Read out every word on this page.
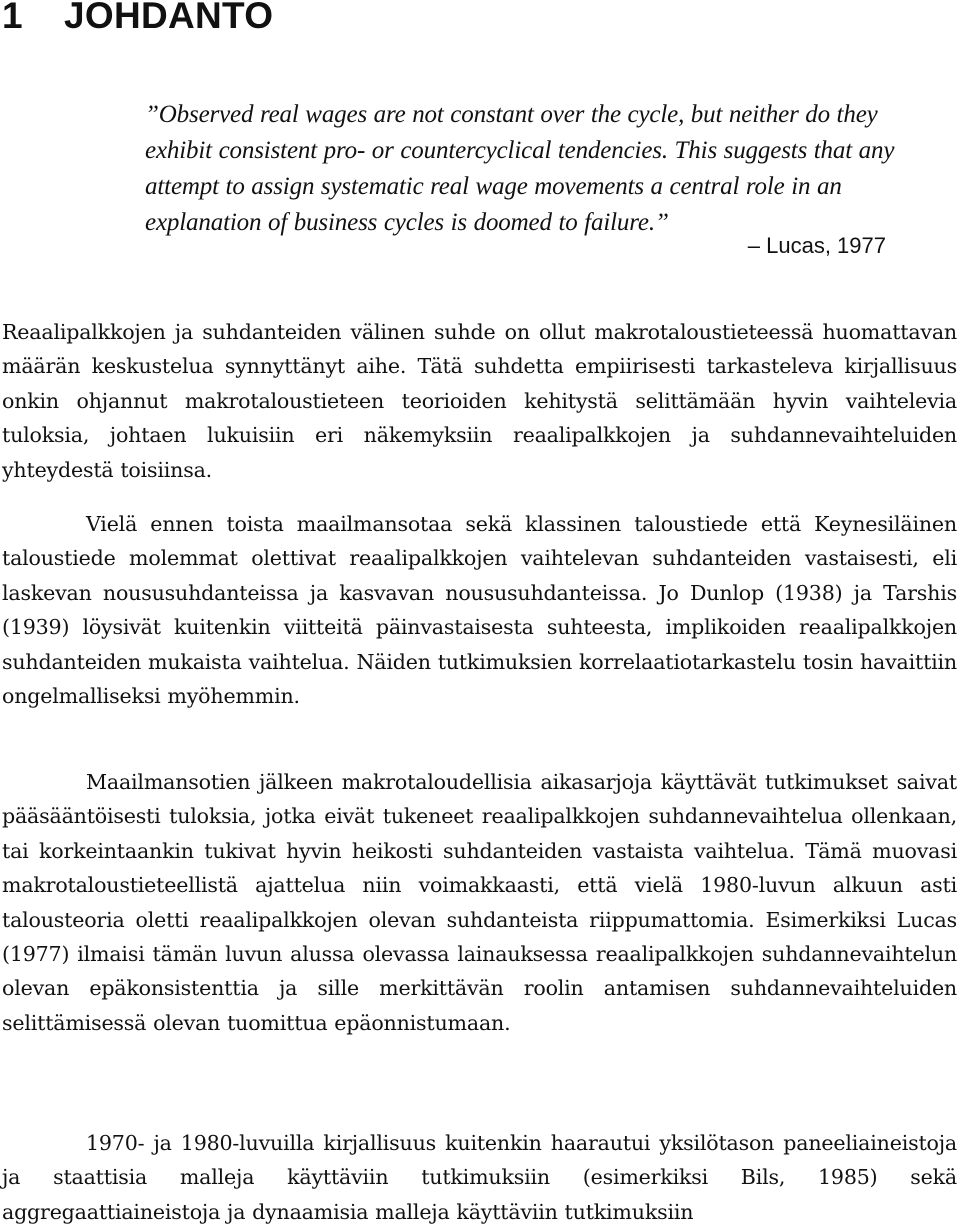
1 JOHDANTO

”Observed real wages are not constant over the cycle, but neither do they exhibit consistent pro- or countercyclical tendencies. This suggests that any attempt to assign systematic real wage movements a central role in an explanation of business cycles is doomed to failure.”

– Lucas, 1977

Reaalipalkkojen ja suhdanteiden välinen suhde on ollut makrotaloustieteessä huomattavan määrän keskustelua synnyttänyt aihe. Tätä suhdetta empiirisesti tarkasteleva kirjallisuus onkin ohjannut makrotaloustieteen teorioiden kehitystä selittämään hyvin vaihtelevia tuloksia, johtaen lukuisiin eri näkemyksiin reaalipalkkojen ja suhdannevaihteluiden yhteydestä toisiinsa.

Vielä ennen toista maailmansotaa sekä klassinen taloustiede että Keynesiläinen taloustiede molemmat olettivat reaalipalkkojen vaihtelevan suhdanteiden vastaisesti, eli laskevan noususuhdanteissa ja kasvavan noususuhdanteissa. Jo Dunlop (1938) ja Tarshis (1939) löysivät kuitenkin viitteitä päinvastaisesta suhteesta, implikoiden reaalipalkkojen suhdanteiden mukaista vaihtelua. Näiden tutkimuksien korrelaatiotarkastelu tosin havaittiin ongelmalliseksi myöhemmin.

Maailmansotien jälkeen makrotaloudellisia aikasarjoja käyttävät tutkimukset saivat pääsääntöisesti tuloksia, jotka eivät tukeneet reaalipalkkojen suhdannevaihtelua ollenkaan, tai korkeintaankin tukivat hyvin heikosti suhdanteiden vastaista vaihtelua. Tämä muovasi makrotaloustieteellistä ajattelua niin voimakkaasti, että vielä 1980-luvun alkuun asti talousteoria oletti reaalipalkkojen olevan suhdanteista riippumattomia. Esimerkiksi Lucas (1977) ilmaisi tämän luvun alussa olevassa lainauksessa reaalipalkkojen suhdannevaihtelun olevan epäkonsistenttia ja sille merkittävän roolin antamisen suhdannevaihteluiden selittämisessä olevan tuomittua epäonnistumaan.

1970- ja 1980-luvuilla kirjallisuus kuitenkin haarautui yksilötason paneeliaineistoja ja staattisia malleja käyttäviin tutkimuksiin (esimerkiksi Bils, 1985) sekä aggregaattiaineistoja ja dynaamisia malleja käyttäviin tutkimuksiin
